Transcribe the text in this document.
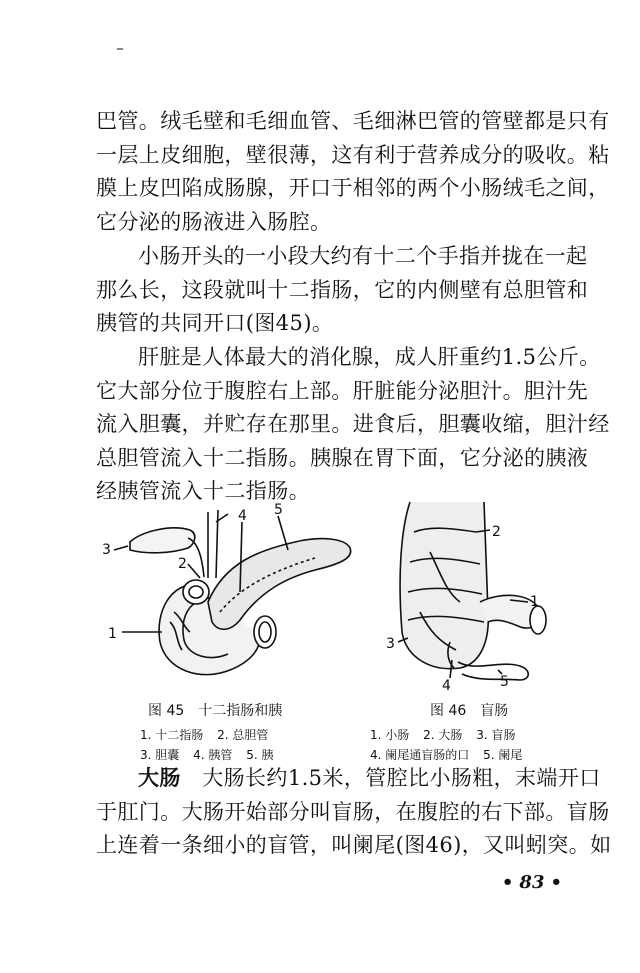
巴管。绒毛壁和毛细血管、毛细淋巴管的管壁都是只有
一层上皮细胞，壁很薄，这有利于营养成分的吸收。粘
膜上皮凹陷成肠腺，开口于相邻的两个小肠绒毛之间，
它分泌的肠液进入肠腔。

小肠开头的一小段大约有十二个手指并拢在一起
那么长，这段就叫十二指肠，它的内侧壁有总胆管和
胰管的共同开口(图45)。

肝脏是人体最大的消化腺，成人肝重约1.5公斤。
它大部分位于腹腔右上部。肝脏能分泌胆汁。胆汁先
流入胆囊，并贮存在那里。进食后，胆囊收缩，胆汁经
总胆管流入十二指肠。胰腺在胃下面，它分泌的胰液
经胰管流入十二指肠。

3
1
2
4 5
图 45　十二指肠和胰
1. 十二指肠 2. 总胆管
3. 胆囊 4. 胰管 5. 胰
2
1
3
4	5
图 46　盲肠
1. 小肠 2. 大肠 3. 盲肠
4. 阑尾通盲肠的口 5. 阑尾

大肠　 大肠长约1.5米，管腔比小肠粗，末端开口
于肛门。大肠开始部分叫盲肠，在腹腔的右下部。盲肠
上连着一条细小的盲管，叫阑尾(图46)，又叫蚓突。如

• 83 •
